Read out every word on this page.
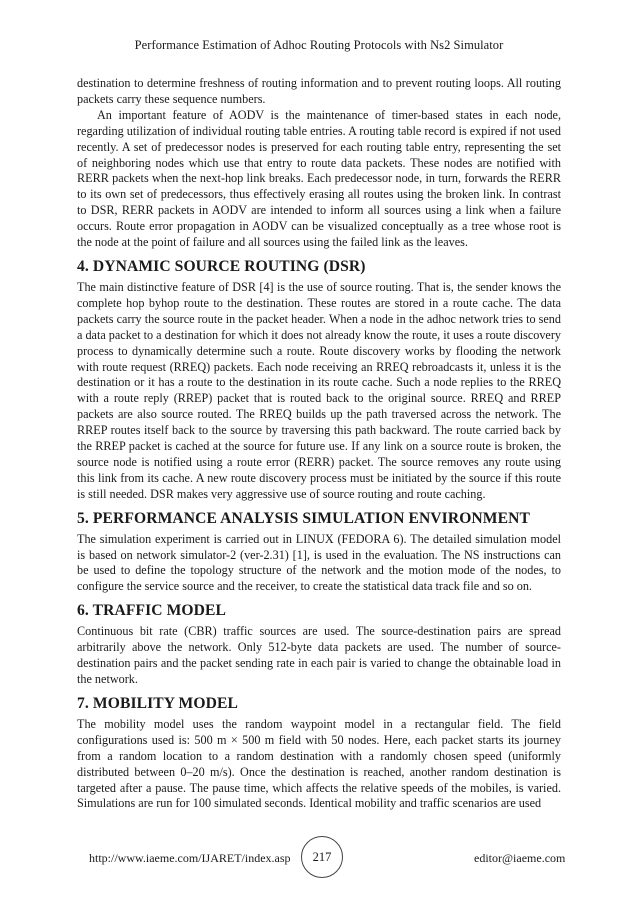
Performance Estimation of Adhoc Routing Protocols with Ns2 Simulator

destination to determine freshness of routing information and to prevent routing loops. All routing packets carry these sequence numbers.

An important feature of AODV is the maintenance of timer-based states in each node, regarding utilization of individual routing table entries. A routing table record is expired if not used recently. A set of predecessor nodes is preserved for each routing table entry, representing the set of neighboring nodes which use that entry to route data packets. These nodes are notified with RERR packets when the next-hop link breaks. Each predecessor node, in turn, forwards the RERR to its own set of predecessors, thus effectively erasing all routes using the broken link. In contrast to DSR, RERR packets in AODV are intended to inform all sources using a link when a failure occurs. Route error propagation in AODV can be visualized conceptually as a tree whose root is the node at the point of failure and all sources using the failed link as the leaves.

4. DYNAMIC SOURCE ROUTING (DSR)

The main distinctive feature of DSR [4] is the use of source routing. That is, the sender knows the complete hop byhop route to the destination. These routes are stored in a route cache. The data packets carry the source route in the packet header. When a node in the adhoc network tries to send a data packet to a destination for which it does not already know the route, it uses a route discovery process to dynamically determine such a route. Route discovery works by flooding the network with route request (RREQ) packets. Each node receiving an RREQ rebroadcasts it, unless it is the destination or it has a route to the destination in its route cache. Such a node replies to the RREQ with a route reply (RREP) packet that is routed back to the original source. RREQ and RREP packets are also source routed. The RREQ builds up the path traversed across the network. The RREP routes itself back to the source by traversing this path backward. The route carried back by the RREP packet is cached at the source for future use. If any link on a source route is broken, the source node is notified using a route error (RERR) packet. The source removes any route using this link from its cache. A new route discovery process must be initiated by the source if this route is still needed. DSR makes very aggressive use of source routing and route caching.

5. PERFORMANCE ANALYSIS SIMULATION ENVIRONMENT

The simulation experiment is carried out in LINUX (FEDORA 6). The detailed simulation model is based on network simulator-2 (ver-2.31) [1], is used in the evaluation. The NS instructions can be used to define the topology structure of the network and the motion mode of the nodes, to configure the service source and the receiver, to create the statistical data track file and so on.

6. TRAFFIC MODEL

Continuous bit rate (CBR) traffic sources are used. The source-destination pairs are spread arbitrarily above the network. Only 512-byte data packets are used. The number of source-destination pairs and the packet sending rate in each pair is varied to change the obtainable load in the network.

7. MOBILITY MODEL

The mobility model uses the random waypoint model in a rectangular field. The field configurations used is: 500 m × 500 m field with 50 nodes. Here, each packet starts its journey from a random location to a random destination with a randomly chosen speed (uniformly distributed between 0–20 m/s). Once the destination is reached, another random destination is targeted after a pause. The pause time, which affects the relative speeds of the mobiles, is varied. Simulations are run for 100 simulated seconds. Identical mobility and traffic scenarios are used

http://www.iaeme.com/IJARET/index.asp	217	editor@iaeme.com
